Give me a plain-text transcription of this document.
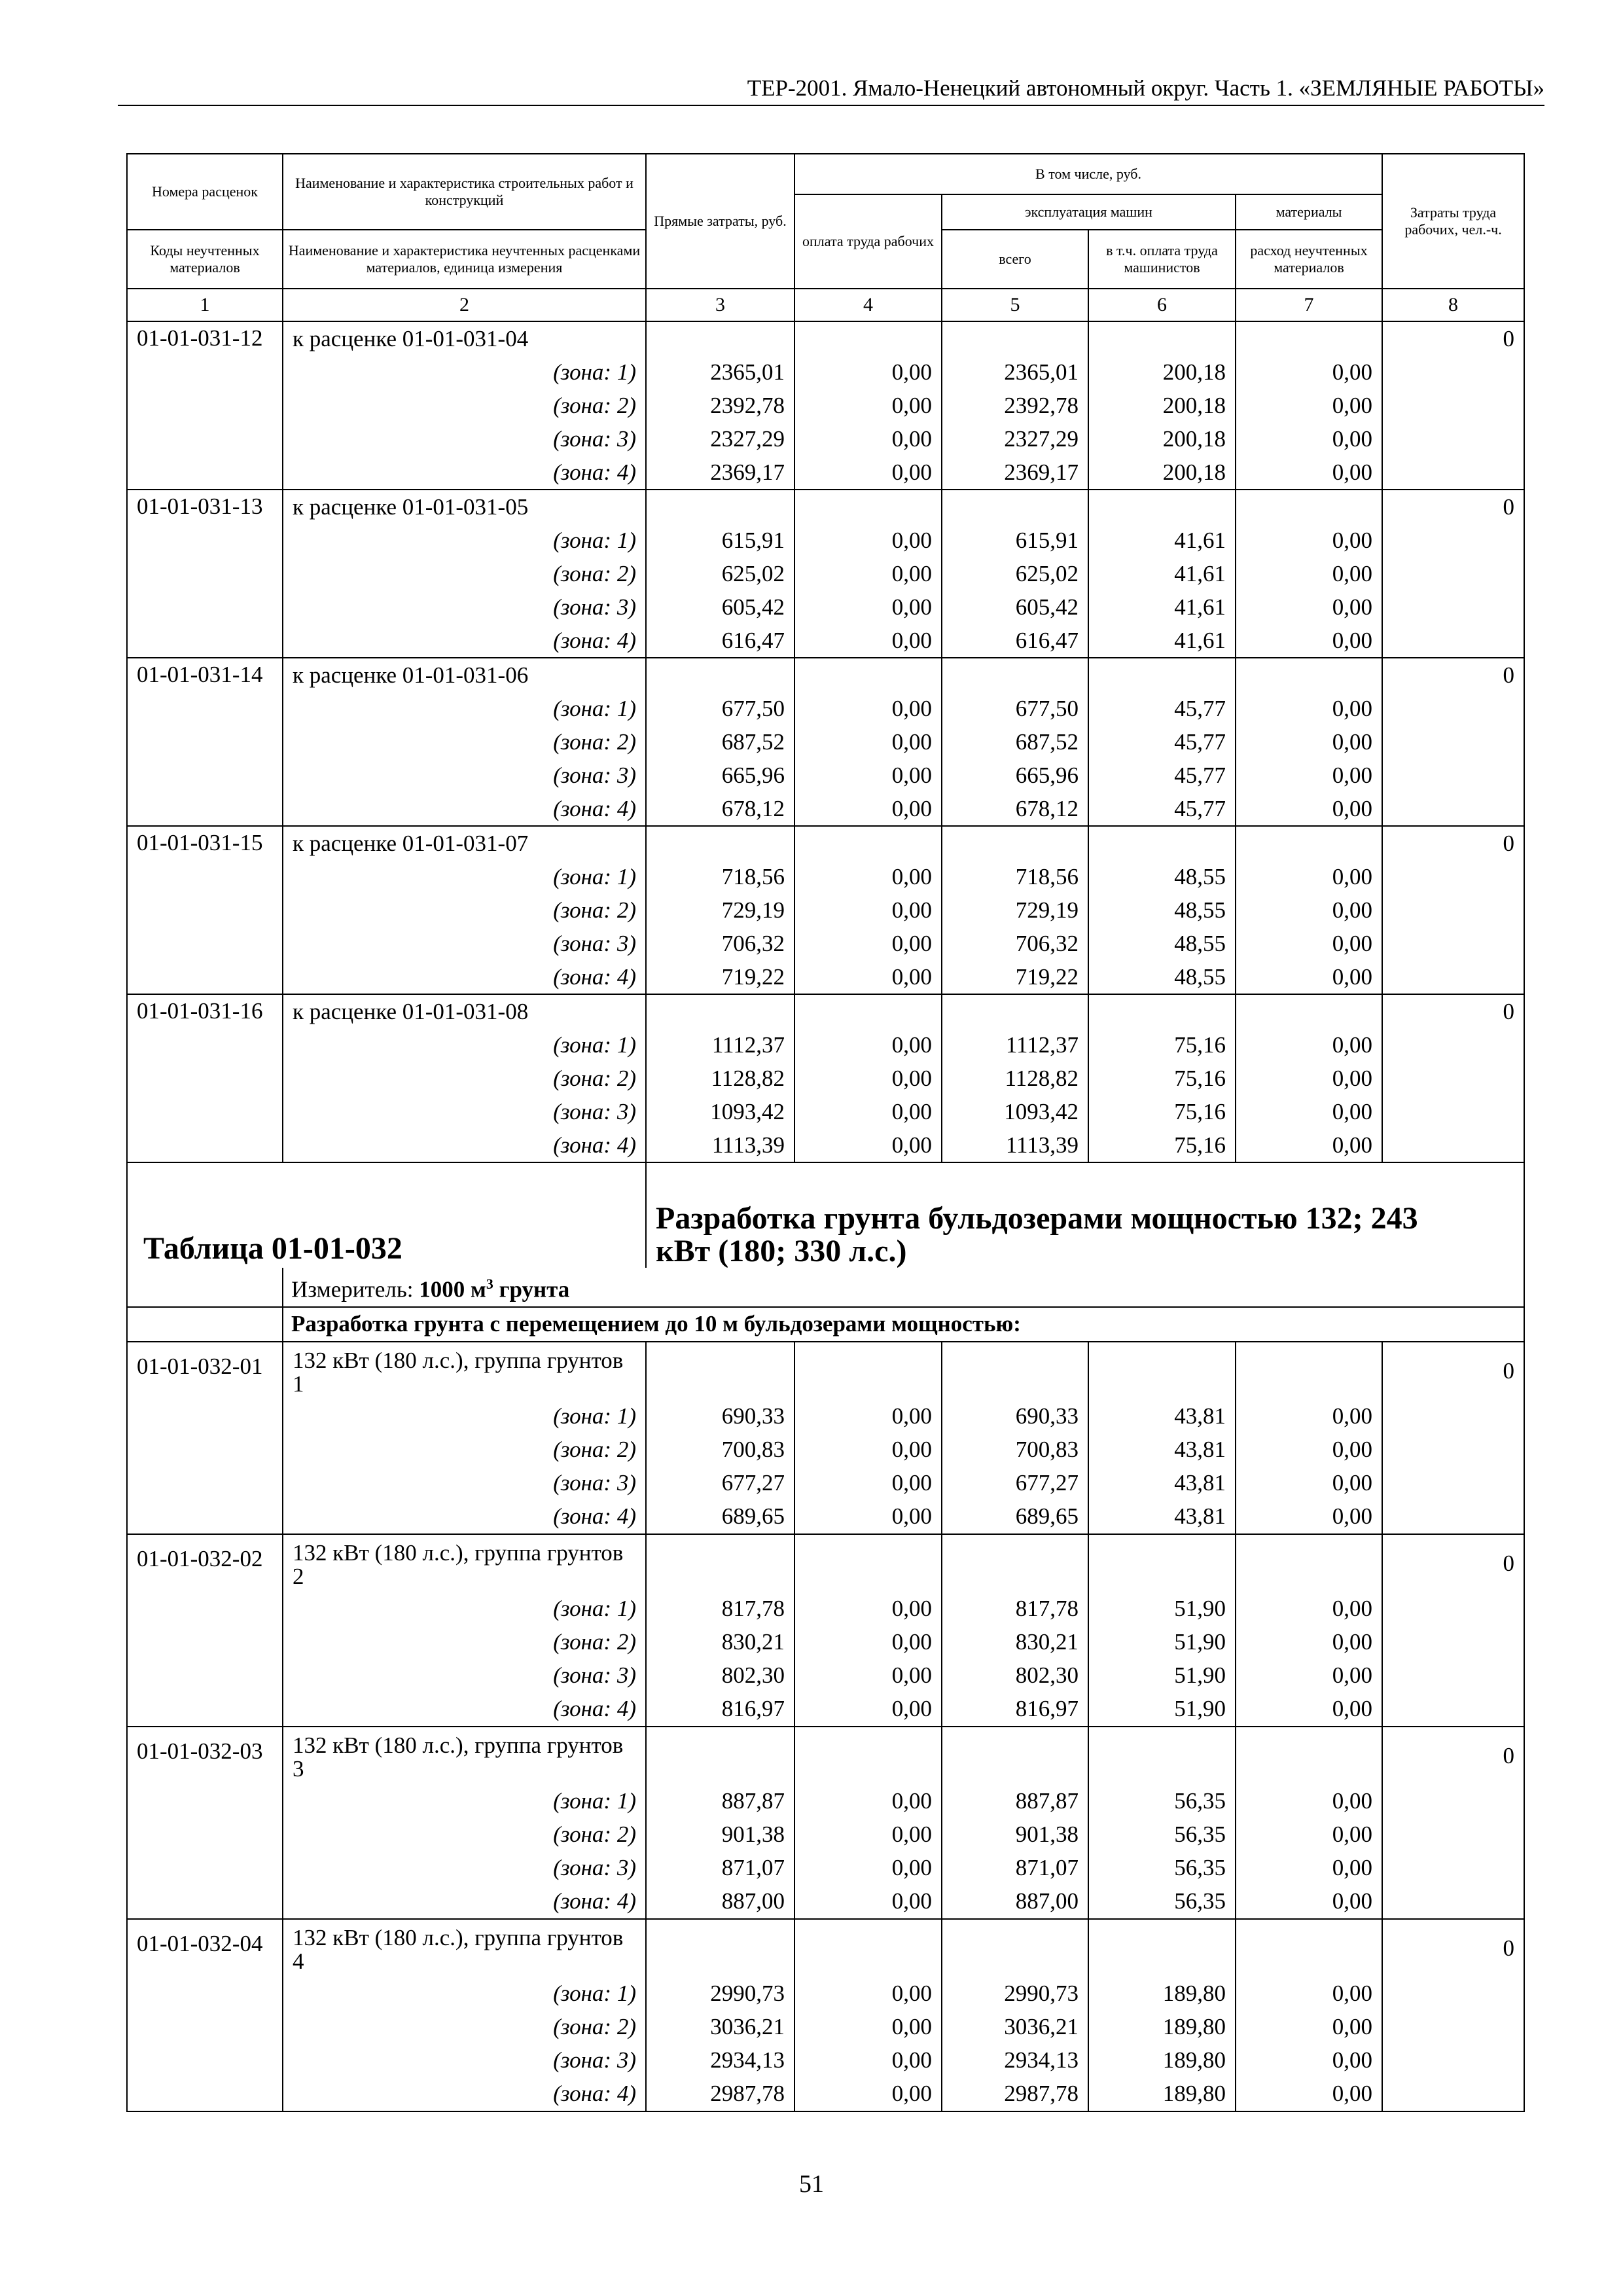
ТЕР-2001. Ямало-Ненецкий автономный округ. Часть 1. «ЗЕМЛЯНЫЕ РАБОТЫ»
Номера расценок	Наименование и характеристика строительных работ и конструкций	Прямые затраты, руб.	В том числе, руб.				Затраты труда рабочих, чел.-ч.
			оплата труда рабочих	эксплуатация машин		материалы	
Коды неучтенных материалов	Наименование и характеристика неучтенных расценками материалов, единица измерения			всего	в т.ч. оплата труда машинистов	расход неучтенных материалов	
1	2	3	4	5	6	7	8
01-01-031-12	к расценке 01-01-031-04						0
	(зона: 1)	2365,01	0,00	2365,01	200,18	0,00	
	(зона: 2)	2392,78	0,00	2392,78	200,18	0,00	
	(зона: 3)	2327,29	0,00	2327,29	200,18	0,00	
	(зона: 4)	2369,17	0,00	2369,17	200,18	0,00	
01-01-031-13	к расценке 01-01-031-05						0
	(зона: 1)	615,91	0,00	615,91	41,61	0,00	
	(зона: 2)	625,02	0,00	625,02	41,61	0,00	
	(зона: 3)	605,42	0,00	605,42	41,61	0,00	
	(зона: 4)	616,47	0,00	616,47	41,61	0,00	
01-01-031-14	к расценке 01-01-031-06						0
	(зона: 1)	677,50	0,00	677,50	45,77	0,00	
	(зона: 2)	687,52	0,00	687,52	45,77	0,00	
	(зона: 3)	665,96	0,00	665,96	45,77	0,00	
	(зона: 4)	678,12	0,00	678,12	45,77	0,00	
01-01-031-15	к расценке 01-01-031-07						0
	(зона: 1)	718,56	0,00	718,56	48,55	0,00	
	(зона: 2)	729,19	0,00	729,19	48,55	0,00	
	(зона: 3)	706,32	0,00	706,32	48,55	0,00	
	(зона: 4)	719,22	0,00	719,22	48,55	0,00	
01-01-031-16	к расценке 01-01-031-08						0
	(зона: 1)	1112,37	0,00	1112,37	75,16	0,00	
	(зона: 2)	1128,82	0,00	1128,82	75,16	0,00	
	(зона: 3)	1093,42	0,00	1093,42	75,16	0,00	
	(зона: 4)	1113,39	0,00	1113,39	75,16	0,00	
Таблица 01-01-032		Разработка грунта бульдозерами мощностью 132; 243 кВт (180; 330 л.с.)					

	Измеритель: 1000 $м^3$ грунта						
	Разработка грунта с перемещением до 10 м бульдозерами мощностью:						
01-01-032-01	132 кВт (180 л.с.), группа грунтов 1						0
	(зона: 1)	690,33	0,00	690,33	43,81	0,00	
	(зона: 2)	700,83	0,00	700,83	43,81	0,00	
	(зона: 3)	677,27	0,00	677,27	43,81	0,00	
	(зона: 4)	689,65	0,00	689,65	43,81	0,00	
01-01-032-02	132 кВт (180 л.с.), группа грунтов 2						0
	(зона: 1)	817,78	0,00	817,78	51,90	0,00	
	(зона: 2)	830,21	0,00	830,21	51,90	0,00	
	(зона: 3)	802,30	0,00	802,30	51,90	0,00	
	(зона: 4)	816,97	0,00	816,97	51,90	0,00	
01-01-032-03	132 кВт (180 л.с.), группа грунтов 3						0
	(зона: 1)	887,87	0,00	887,87	56,35	0,00	
	(зона: 2)	901,38	0,00	901,38	56,35	0,00	
	(зона: 3)	871,07	0,00	871,07	56,35	0,00	
	(зона: 4)	887,00	0,00	887,00	56,35	0,00	
01-01-032-04	132 кВт (180 л.с.), группа грунтов 4						0
	(зона: 1)	2990,73	0,00	2990,73	189,80	0,00	
	(зона: 2)	3036,21	0,00	3036,21	189,80	0,00	
	(зона: 3)	2934,13	0,00	2934,13	189,80	0,00	
	(зона: 4)	2987,78	0,00	2987,78	189,80	0,00	
51
